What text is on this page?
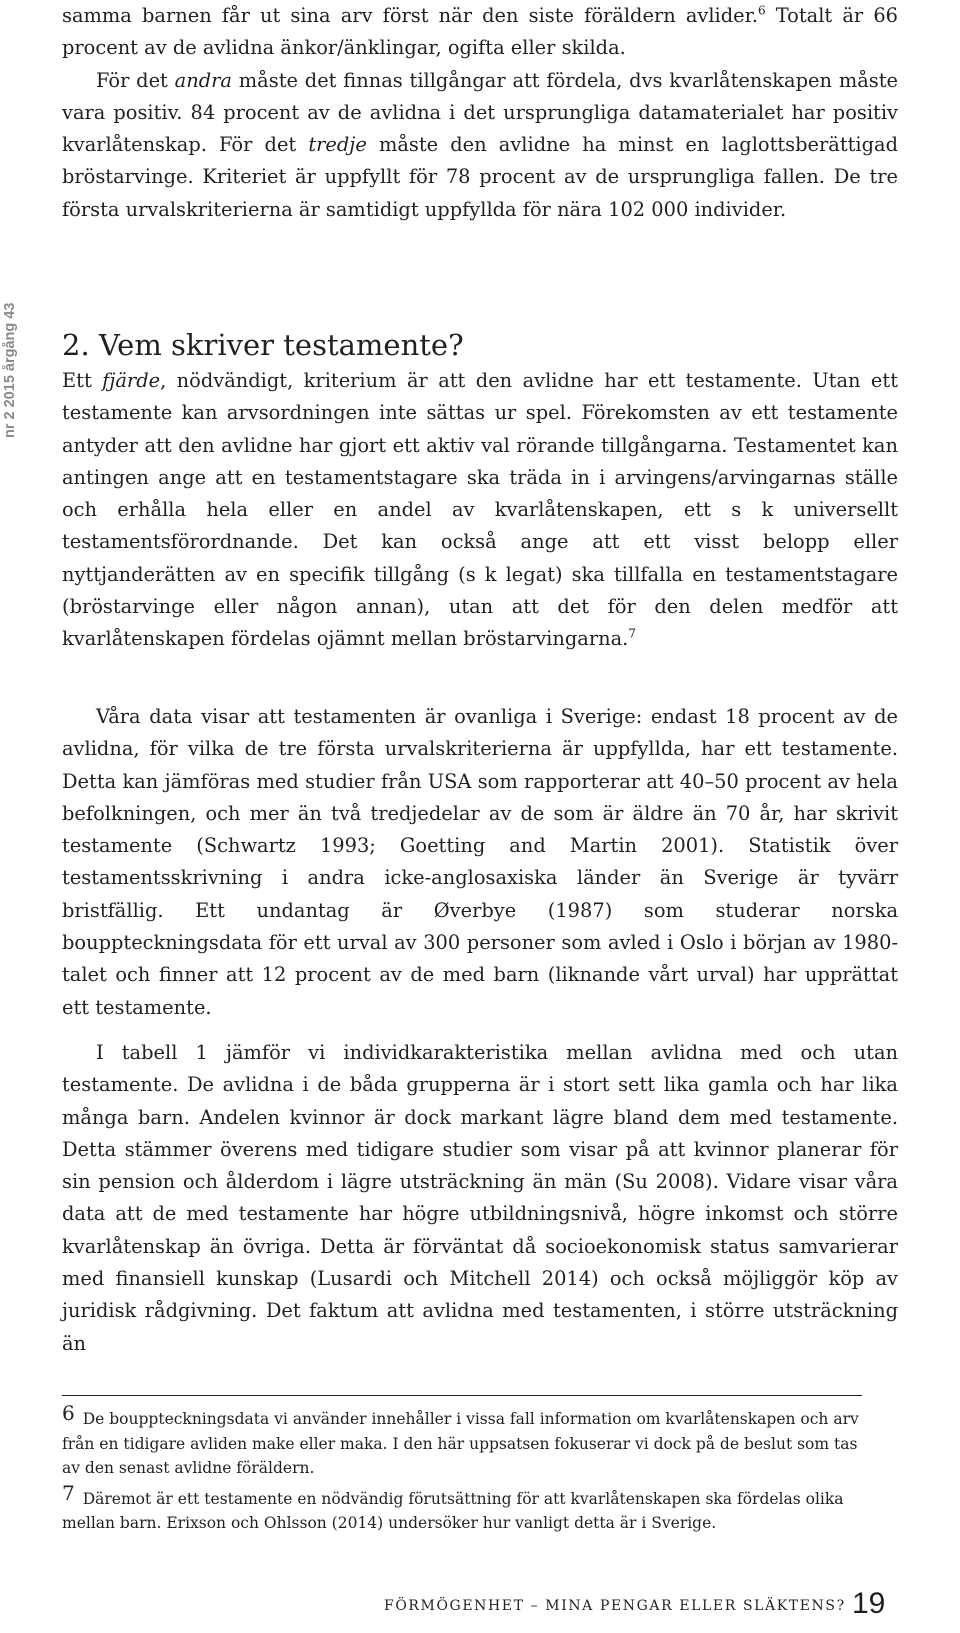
nr 2 2015 årgång 43

samma barnen får ut sina arv först när den siste föräldern avlider.$^6$ Totalt är 66 procent av de avlidna änkor/änklingar, ogifta eller skilda.
För det andra måste det finnas tillgångar att fördela, dvs kvarlåtenskapen måste vara positiv. 84 procent av de avlidna i det ursprungliga datamaterialet har positiv kvarlåtenskap. För det tredje måste den avlidne ha minst en laglottsberättigad bröstarvinge. Kriteriet är uppfyllt för 78 procent av de ursprungliga fallen. De tre första urvalskriterierna är samtidigt uppfyllda för nära 102 000 individer.

2. Vem skriver testamente?

Ett fjärde, nödvändigt, kriterium är att den avlidne har ett testamente. Utan ett testamente kan arvsordningen inte sättas ur spel. Förekomsten av ett testamente antyder att den avlidne har gjort ett aktiv val rörande tillgångarna. Testamentet kan antingen ange att en testamentstagare ska träda in i arvingens/arvingarnas ställe och erhålla hela eller en andel av kvarlåtenskapen, ett s k universellt testamentsförordnande. Det kan också ange att ett visst belopp eller nyttjanderätten av en specifik tillgång (s k legat) ska tillfalla en testamentstagare (bröstarvinge eller någon annan), utan att det för den delen medför att kvarlåtenskapen fördelas ojämnt mellan bröstarvingarna.$^7$

Våra data visar att testamenten är ovanliga i Sverige: endast 18 procent av de avlidna, för vilka de tre första urvalskriterierna är uppfyllda, har ett testamente. Detta kan jämföras med studier från USA som rapporterar att 40–50 procent av hela befolkningen, och mer än två tredjedelar av de som är äldre än 70 år, har skrivit testamente (Schwartz 1993; Goetting and Martin 2001). Statistik över testamentsskrivning i andra icke-anglosaxiska länder än Sverige är tyvärr bristfällig. Ett undantag är Øverbye (1987) som studerar norska bouppteckningsdata för ett urval av 300 personer som avled i Oslo i början av 1980-talet och finner att 12 procent av de med barn (liknande vårt urval) har upprättat ett testamente.

I tabell 1 jämför vi individkarakteristika mellan avlidna med och utan testamente. De avlidna i de båda grupperna är i stort sett lika gamla och har lika många barn. Andelen kvinnor är dock markant lägre bland dem med testamente. Detta stämmer överens med tidigare studier som visar på att kvinnor planerar för sin pension och ålderdom i lägre utsträckning än män (Su 2008). Vidare visar våra data att de med testamente har högre utbildningsnivå, högre inkomst och större kvarlåtenskap än övriga. Detta är förväntat då socioekonomisk status samvarierar med finansiell kunskap (Lusardi och Mitchell 2014) och också möjliggör köp av juridisk rådgivning. Det faktum att avlidna med testamenten, i större utsträckning än

6 De bouppteckningsdata vi använder innehåller i vissa fall information om kvarlåtenskapen och arv från en tidigare avliden make eller maka. I den här uppsatsen fokuserar vi dock på de beslut som tas av den senast avlidne föräldern.

7 Däremot är ett testamente en nödvändig förutsättning för att kvarlåtenskapen ska fördelas olika mellan barn. Erixson och Ohlsson (2014) undersöker hur vanligt detta är i Sverige.

FÖRMÖGENHET – MINA PENGAR ELLER SLÄKTENS? 19
